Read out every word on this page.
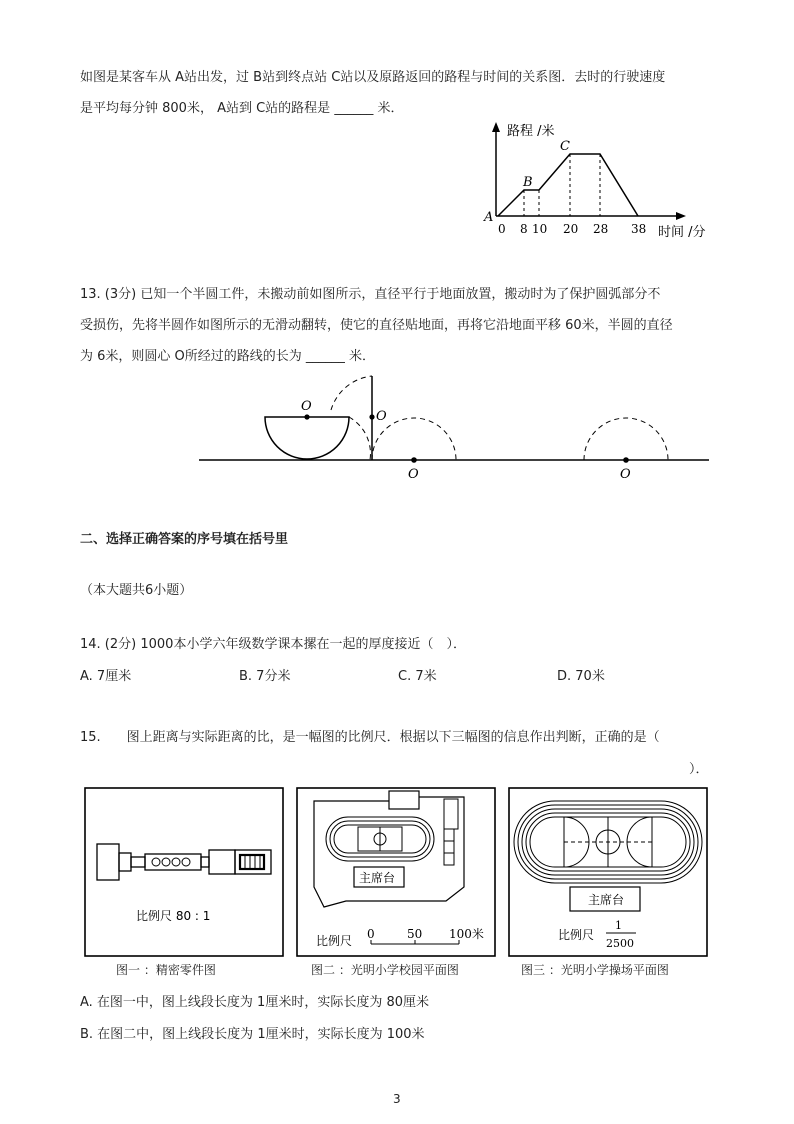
如图是某客车从 A站出发，过 B站到终点站 C站以及原路返回的路程与时间的关系图．去时的行驶速度
是平均每分钟 800米， A站到 C站的路程是 ______ 米．
路程 /米
A
B
C
0 8 10 20 28 38 时间 /分
13. (3分) 已知一个半圆工件，未搬动前如图所示，直径平行于地面放置，搬动时为了保护圆弧部分不
受损伤，先将半圆作如图所示的无滑动翻转，使它的直径贴地面，再将它沿地面平移 60米，半圆的直径
为 6米，则圆心 O所经过的路线的长为 ______ 米．
O
O
O	O
二、选择正确答案的序号填在括号里
（本大题共6小题）
14. (2分) 1000本小学六年级数学课本摞在一起的厚度接近（　）．
A. 7厘米	B. 7分米	C. 7米	D. 70米
15.　　图上距离与实际距离的比，是一幅图的比例尺．根据以下三幅图的信息作出判断，正确的是（
）．
比例尺 80 : 1
图一 ：精密零件图
主席台
比例尺 0	50 100米
图二 ：光明小学校园平面图
主席台
比例尺
1
2500
图三 ：光明小学操场平面图
A. 在图一中，图上线段长度为 1厘米时，实际长度为 80厘米
B. 在图二中，图上线段长度为 1厘米时，实际长度为 100米
3
